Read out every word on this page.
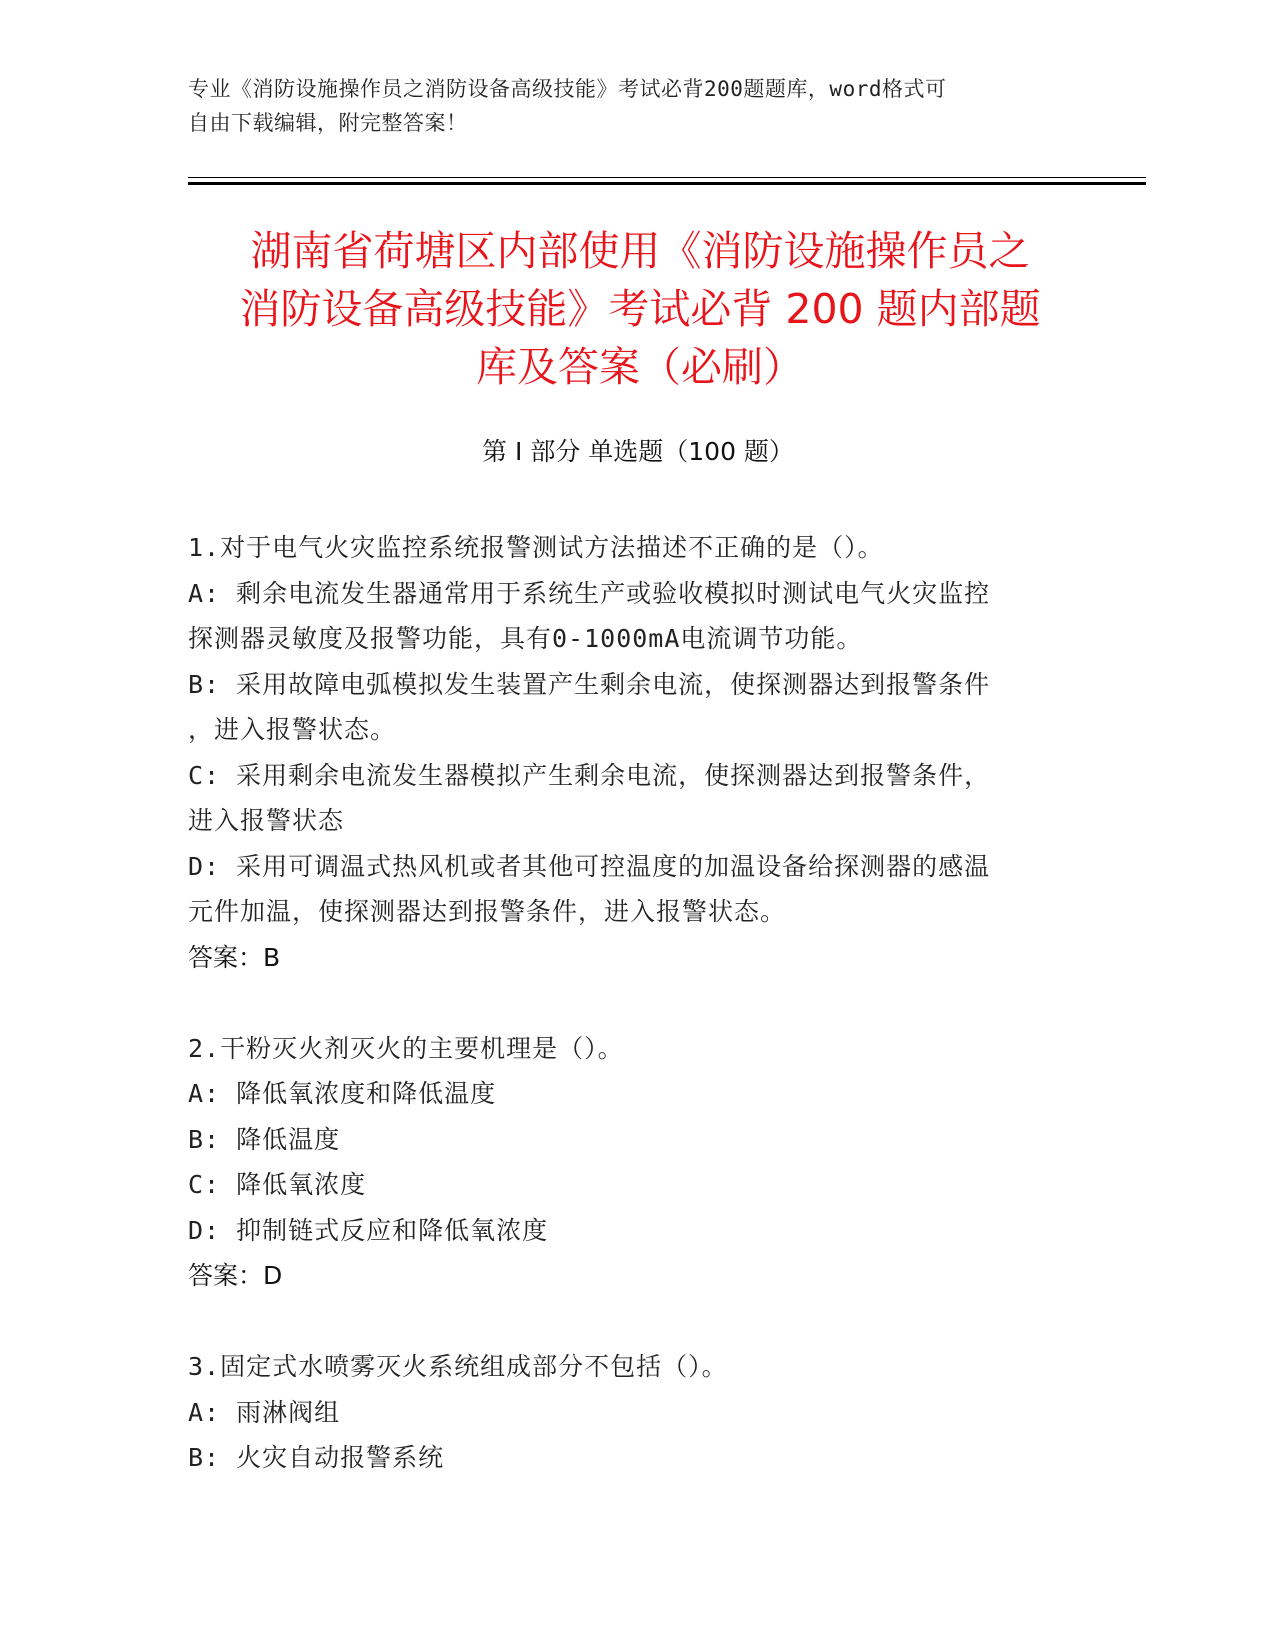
专业《消防设施操作员之消防设备高级技能》考试必背200题题库，word格式可
自由下载编辑，附完整答案！
湖南省荷塘区内部使用《消防设施操作员之
消防设备高级技能》考试必背 200 题内部题
库及答案（必刷）
第 I 部分 单选题（100 题）
1.对于电气火灾监控系统报警测试方法描述不正确的是（）。
A: 剩余电流发生器通常用于系统生产或验收模拟时测试电气火灾监控
探测器灵敏度及报警功能，具有0-1000mA电流调节功能。
B: 采用故障电弧模拟发生装置产生剩余电流，使探测器达到报警条件
，进入报警状态。
C: 采用剩余电流发生器模拟产生剩余电流，使探测器达到报警条件，
进入报警状态
D: 采用可调温式热风机或者其他可控温度的加温设备给探测器的感温
元件加温，使探测器达到报警条件，进入报警状态。
答案：B
2.干粉灭火剂灭火的主要机理是（）。
A: 降低氧浓度和降低温度
B: 降低温度
C: 降低氧浓度
D: 抑制链式反应和降低氧浓度
答案：D
3.固定式水喷雾灭火系统组成部分不包括（）。
A: 雨淋阀组
B: 火灾自动报警系统
